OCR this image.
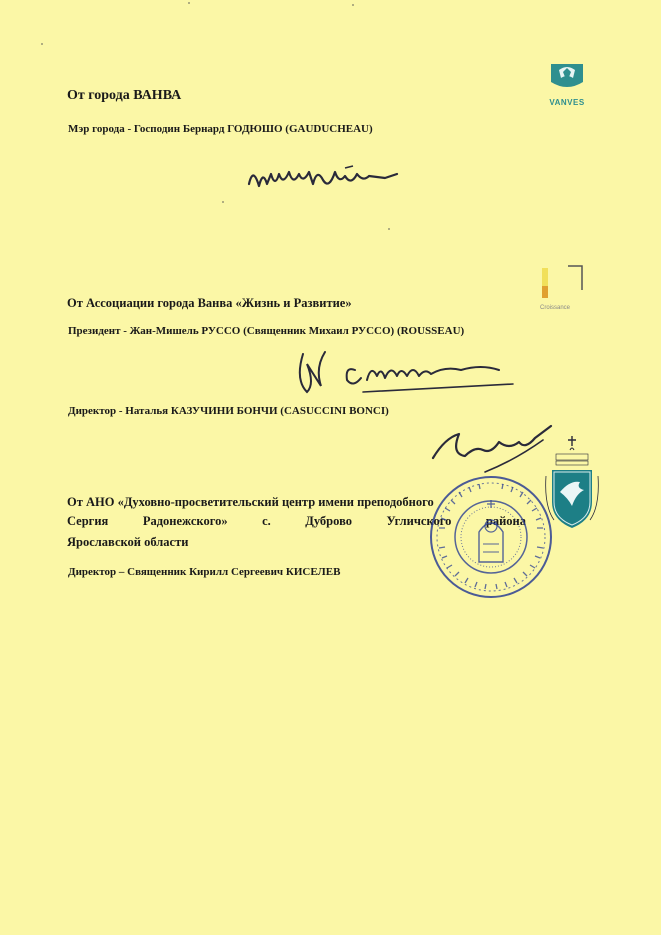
От города ВАНВА

Мэр города - Господин Бернард ГОДЮШО (GAUDUCHEAU)

VANVES

От Ассоциации города Ванва «Жизнь и Развитие»	Croissance

Президент - Жан-Мишель РУССО (Священник Михаил РУССО) (ROUSSEAU)

Директор - Наталья КАЗУЧИНИ БОНЧИ (CASUCCINI BONCI)

От АНО «Духовно-просветительский центр имени преподобного

Сергия Радонежского» с. Дуброво Угличского района

Ярославской области

Директор – Священник Кирилл Сергеевич КИСЕЛЕВ
